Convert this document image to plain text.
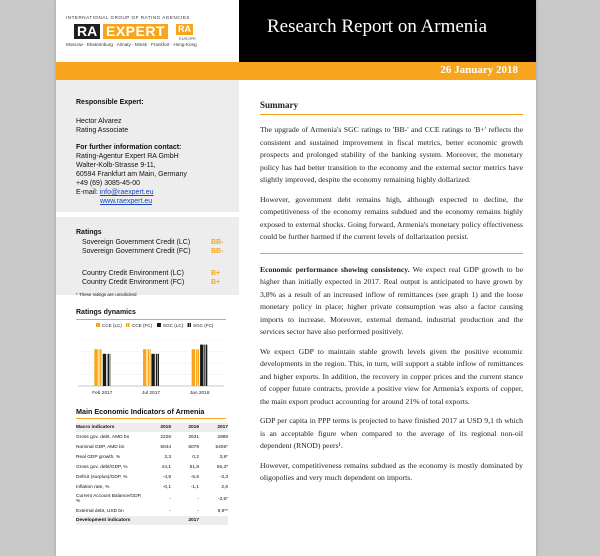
INTERNATIONAL GROUP OF RATING AGENCIES
RA EXPERT	RA
EUROPE
Moscow · Ekaterinburg · Almaty · Minsk · Frankfurt · Hong-Kong
Research Report on Armenia
26 January 2018
Responsible Expert:
Hector Alvarez
Rating Associate
For further information contact:
Rating-Agentur Expert RA GmbH
Walter-Kolb-Strasse 9-11,
60594 Frankfurt am Main, Germany
+49 (69) 3085-45-00
E-mail: info@raexpert.eu
www.raexpert.eu
Ratings
Sovereign Government Credit (LC)	BB-
Sovereign Government Credit (FC)	BB-
Country Credit Environment (LC)	B+
Country Credit Environment (FC)	B+
* These ratings are unsolicited
Ratings dynamics
CCE (LC) CCE (FC) SGC (LC) SGC (FC)
Feb 2017	Jul 2017	Jan 2018
Main Economic Indicators of Armenia
Macro indicators	2015	2016	2017
Gross gov. debt, AMD bn	2226	2631	2988
Nominal GDP, AMD bn	5044	5079	5405*
Real GDP growth, %	3,3	0,2	3,8*
Gross gov. debt/GDP, %	44,1	51,8	55,3*
Deficit (surplus)/GDP, %	-4,8	-5,5	-3,3
Inflation rate, %	-0,1	-1,1	2,6
Current Account Balance/GDP, %	-	-	-2,5*
External debt, USD bn	-	-	9,9**
Development indicators		2017	
Summary

The upgrade of Armenia's SGC ratings to 'BB-' and CCE ratings to 'B+' reflects the consistent and sustained improvement in fiscal metrics, better economic growth prospects and prolonged stability of the banking system. Moreover, the monetary policy has had better transition to the economy and the external sector metrics have slightly improved, despite the economy remaining highly dollarized.

However, government debt remains high, although expected to decline, the competitiveness of the economy remains subdued and the economy remains highly exposed to external shocks. Going forward, Armenia's monetary policy effectiveness could be further harmed if the current levels of dollarization persist.

Economic performance showing consistency. We expect real GDP growth to be higher than initially expected in 2017. Real output is anticipated to have grown by 3,8% as a result of an increased inflow of remittances (see graph 1) and the loose monetary policy in place; higher private consumption was also a factor causing imports to increase. Moreover, external demand, industrial production and the services sector have also performed positively.

We expect GDP to maintain stable growth levels given the positive economic developments in the region. This, in turn, will support a stable inflow of remittances and higher exports. In addition, the recovery in copper prices and the current stance of copper future contracts, provide a positive view for Armenia's exports of copper, the main export product accounting for around 21% of total exports.

GDP per capita in PPP terms is projected to have finished 2017 at USD 9,1 th which is an acceptable figure when compared to the average of its regional non-oil dependent (RNOD) peers¹.

However, competitiveness remains subdued as the economy is mostly dominated by oligopolies and very much dependent on imports.
